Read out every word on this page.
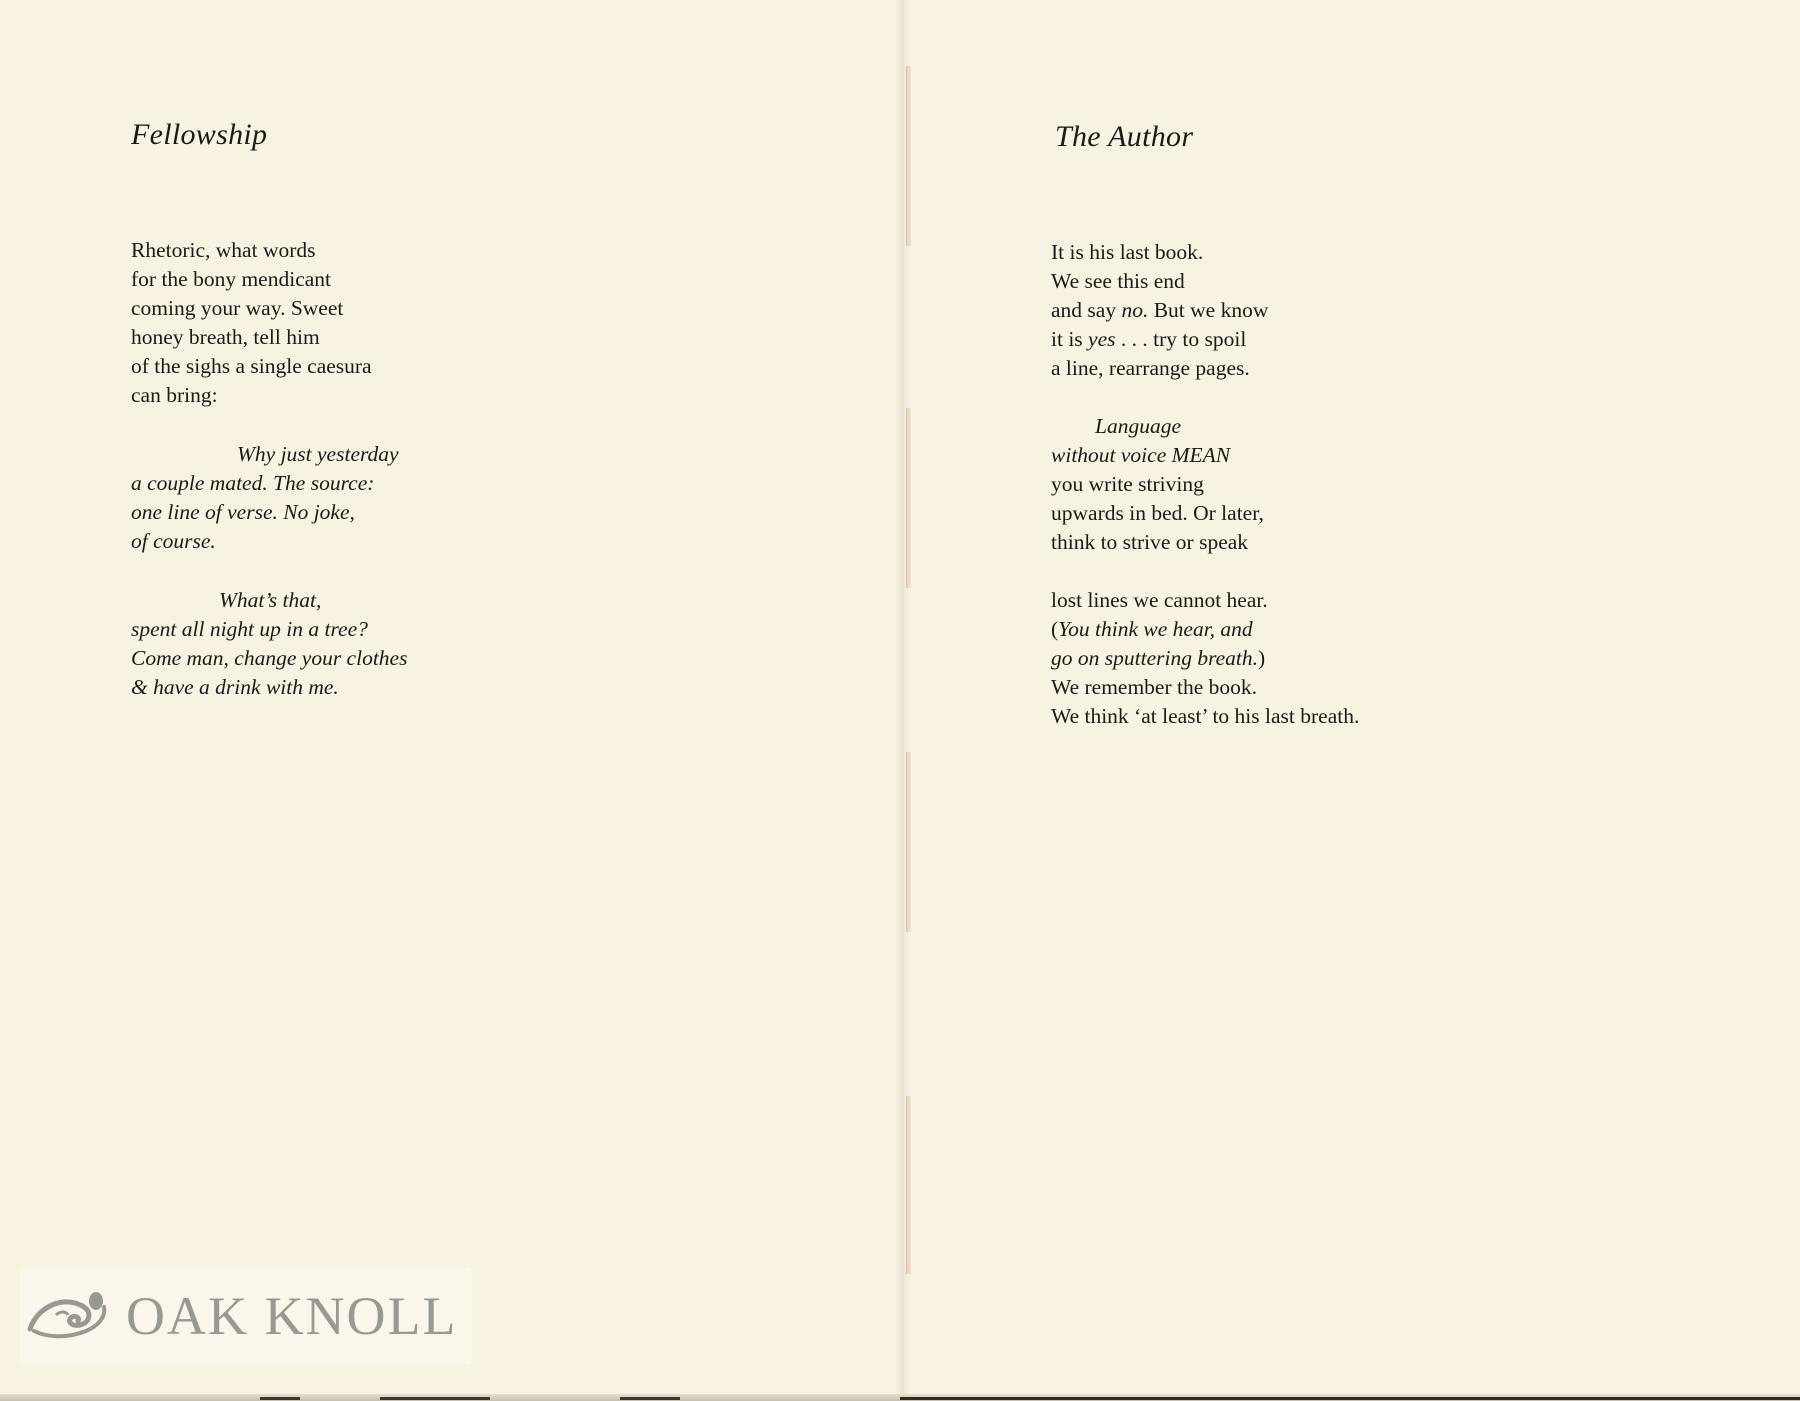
Fellowship

Rhetoric, what words
for the bony mendicant
coming your way. Sweet
honey breath, tell him
of the sighs a single caesura
can bring:

Why just yesterday
a couple mated. The source:
one line of verse. No joke,
of course.

What’s that,
spent all night up in a tree?
Come man, change your clothes
& have a drink with me.

OAK KNOLL
The Author

It is his last book.
We see this end
and say no. But we know
it is yes . . . try to spoil
a line, rearrange pages.

Language
without voice MEAN
you write striving
upwards in bed. Or later,
think to strive or speak

lost lines we cannot hear.
(You think we hear, and
go on sputtering breath.)
We remember the book.
We think ‘at least’ to his last breath.
